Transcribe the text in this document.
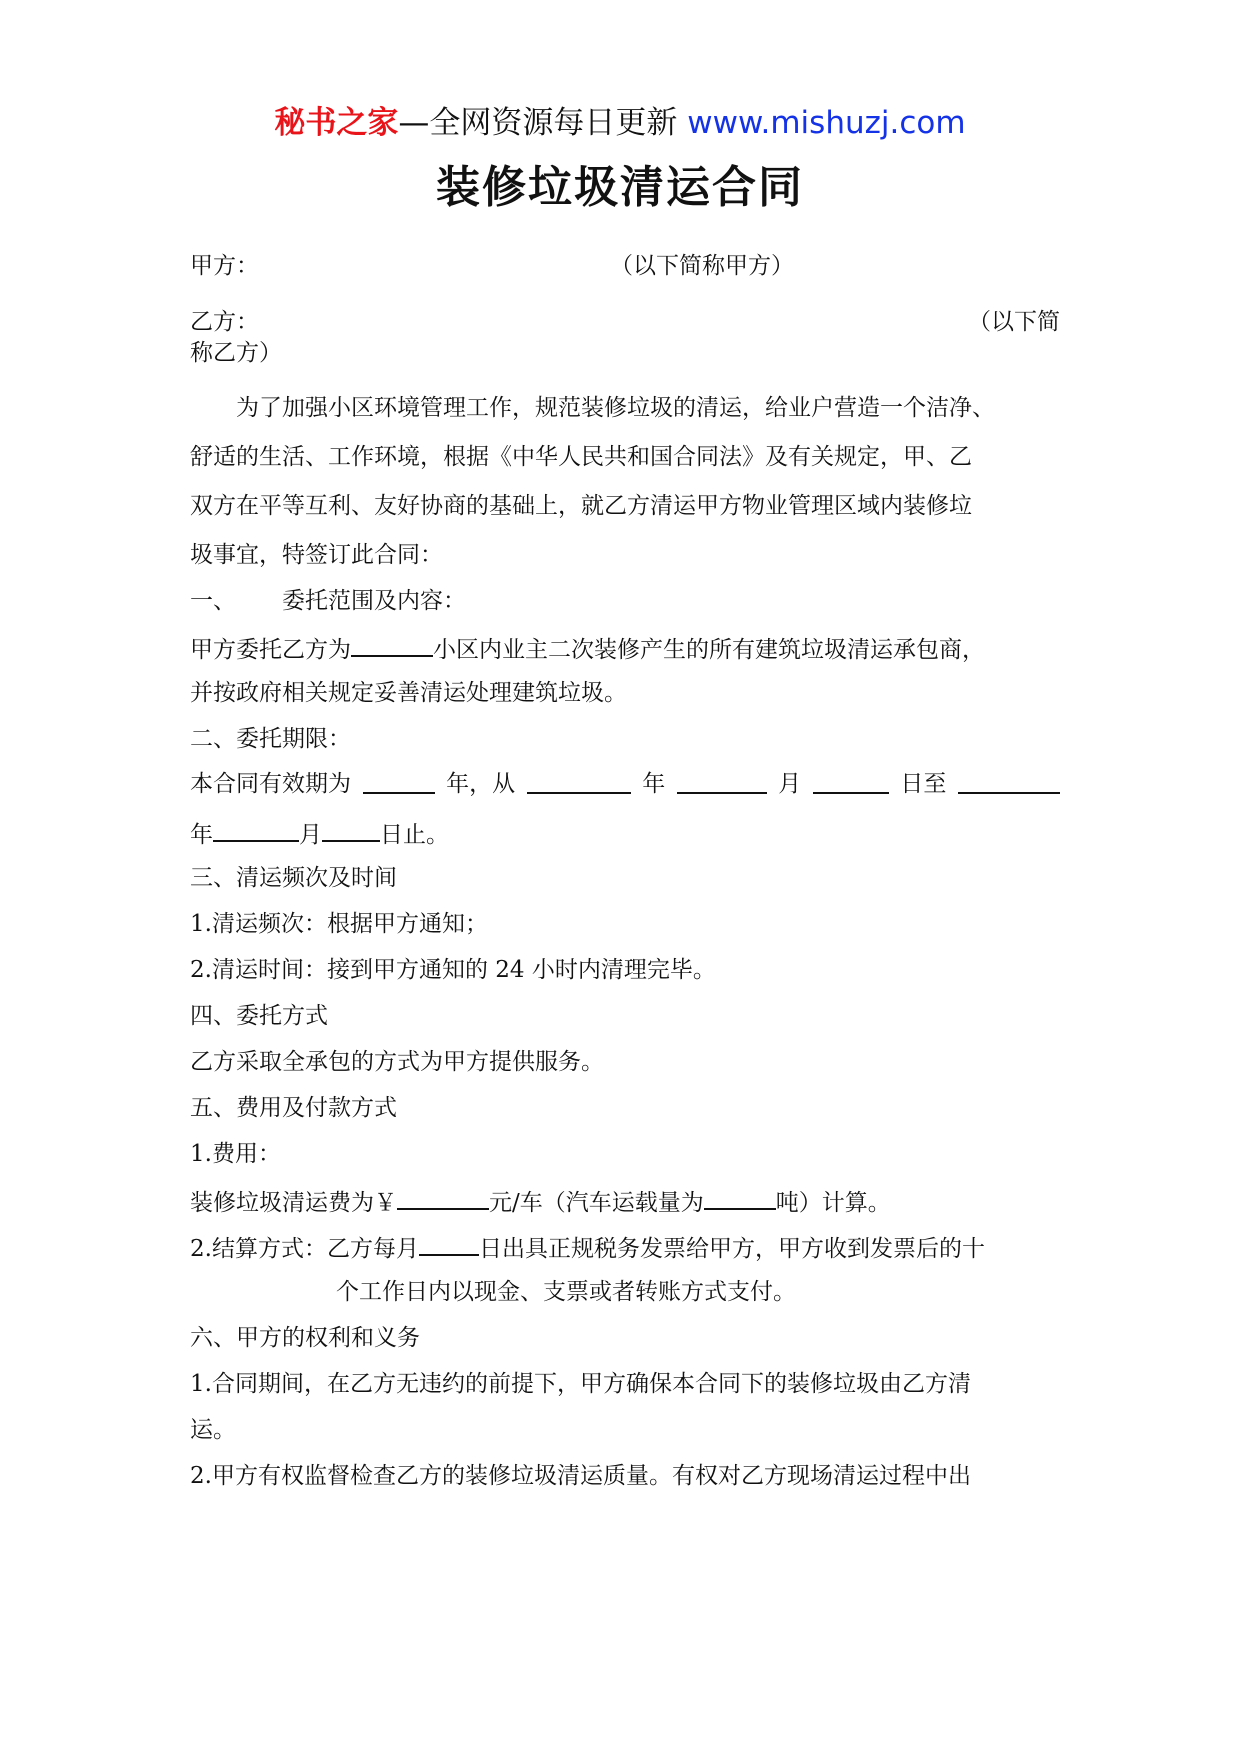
秘书之家—全网资源每日更新 www.mishuzj.com
装修垃圾清运合同
甲方：	（以下简称甲方）
乙方：	（以下简
称乙方）
为了加强小区环境管理工作，规范装修垃圾的清运，给业户营造一个洁净、
舒适的生活、工作环境，根据《中华人民共和国合同法》及有关规定，甲、乙
双方在平等互利、友好协商的基础上，就乙方清运甲方物业管理区域内装修垃
圾事宜，特签订此合同：
一、 委托范围及内容：
甲方委托乙方为	小区内业主二次装修产生的所有建筑垃圾清运承包商，
并按政府相关规定妥善清运处理建筑垃圾。
二、委托期限：
本合同有效期为	年，从	年	月	日至
年	月	日止。
三、清运频次及时间
1.清运频次：根据甲方通知；
2.清运时间：接到甲方通知的 24 小时内清理完毕。
四、委托方式
乙方采取全承包的方式为甲方提供服务。
五、费用及付款方式
1.费用：
装修垃圾清运费为￥	元/车（汽车运载量为	吨）计算。
2.结算方式：乙方每月	日出具正规税务发票给甲方，甲方收到发票后的十
个工作日内以现金、支票或者转账方式支付。
六、甲方的权利和义务
1.合同期间，在乙方无违约的前提下，甲方确保本合同下的装修垃圾由乙方清
运。
2.甲方有权监督检查乙方的装修垃圾清运质量。有权对乙方现场清运过程中出
